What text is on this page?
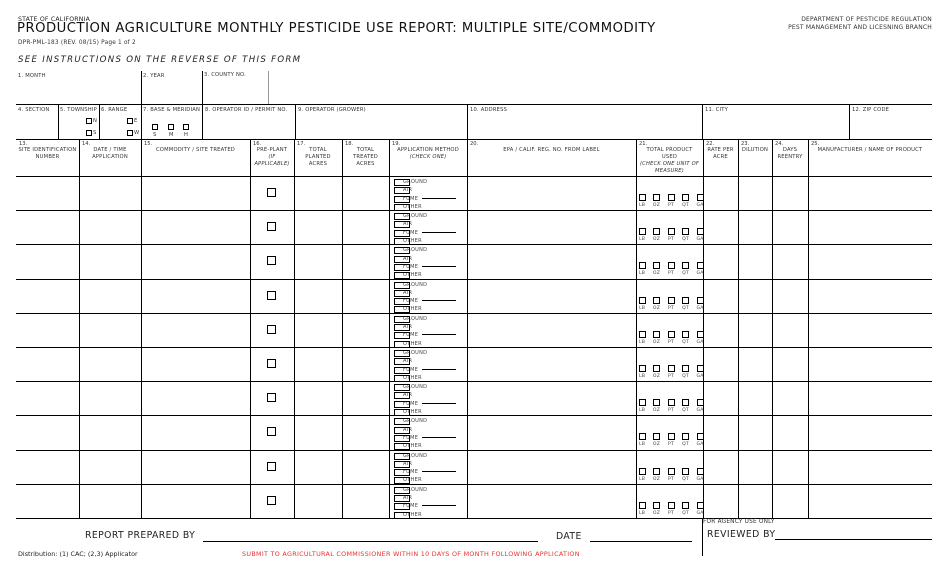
STATE OF CALIFORNIA
PRODUCTION AGRICULTURE MONTHLY PESTICIDE USE REPORT: MULTIPLE SITE/COMMODITY
DPR-PML-183 (REV. 08/15) Page 1 of 2
SEE INSTRUCTIONS ON THE REVERSE OF THIS FORM
DEPARTMENT OF PESTICIDE REGULATION
PEST MANAGEMENT AND LICESNING BRANCH
1. MONTH	2. YEAR	3. COUNTY NO.
4. SECTION 5. TOWNSHIP
N
S
6. RANGE
E
W
7. BASE & MERIDIAN
S M H
8. OPERATOR ID / PERMIT NO. 9. OPERATOR (GROWER)	10. ADDRESS	11. CITY	12. ZIP CODE
13.
SITE IDENTIFICATION NUMBER
14.
DATE / TIME APPLICATION
15.
COMMODITY / SITE TREATED
16.
PRE-PLANT
(IF APPLICABLE)
17.
TOTAL PLANTED ACRES
18.
TOTAL TREATED ACRES
19.
APPLICATION METHOD
(CHECK ONE)
20.
EPA / CALIF. REG. NO. FROM LABEL
21.
TOTAL PRODUCT USED
(CHECK ONE UNIT OF MEASURE)
22.
RATE PER ACRE
23.
DILUTION
24.
DAYS REENTRY
25.
MANUFACTURER / NAME OF PRODUCT
GROUND
AIR
FUME
OTHER	LB	OZ	PT	QT	GA
GROUND
AIR
FUME
OTHER	LB	OZ	PT	QT	GA
GROUND
AIR
FUME
OTHER	LB	OZ	PT	QT	GA
GROUND
AIR
FUME
OTHER	LB	OZ	PT	QT	GA
GROUND
AIR
FUME
OTHER	LB	OZ	PT	QT	GA
GROUND
AIR
FUME
OTHER	LB	OZ	PT	QT	GA
GROUND
AIR
FUME
OTHER	LB	OZ	PT	QT	GA
GROUND
AIR
FUME
OTHER	LB	OZ	PT	QT	GA
GROUND
AIR
FUME
OTHER	LB	OZ	PT	QT	GA
GROUND
AIR
FUME
OTHER	LB	OZ	PT	QT	GA
REPORT PREPARED BY	DATE
FOR AGENCY USE ONLY
REVIEWED BY
Distribution: (1) CAC; (2,3) Applicator	SUBMIT TO AGRICULTURAL COMMISSIONER WITHIN 10 DAYS OF MONTH FOLLOWING APPLICATION
